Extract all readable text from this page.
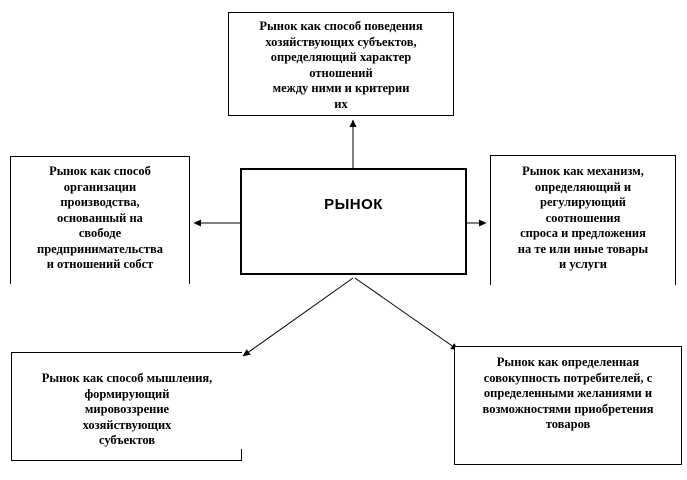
Рынок как способ поведения
хозяйствующих субъектов,
определяющий характер
отношений
между ними и критерии
их
Рынок как способ
организации
производства,
основанный на
свободе
предпринимательства
и отношений собст
РЫНОК
Рынок как механизм,
определяющий и
регулирующий
соотношения
спроса и предложения
на те или иные товары
и услуги
Рынок как способ мышления,
формирующий
мировоззрение
хозяйствующих
субъектов
Рынок как определенная
совокупность потребителей, с
определенными желаниями и
возможностями приобретения
товаров
